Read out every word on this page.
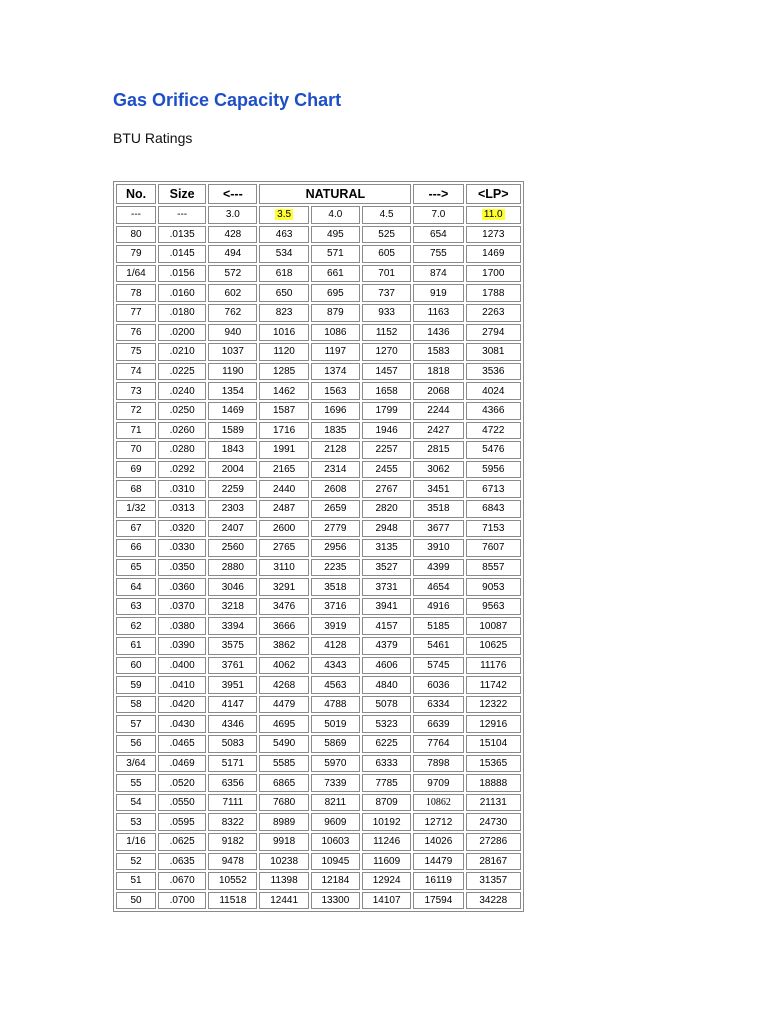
Gas Orifice Capacity Chart

BTU Ratings

No.	Size	<---	NATURAL			--->	<LP>
---	---	3.0	3.5	4.0	4.5	7.0	11.0
80	.0135	428	463	495	525	654	1273
79	.0145	494	534	571	605	755	1469
1/64	.0156	572	618	661	701	874	1700
78	.0160	602	650	695	737	919	1788
77	.0180	762	823	879	933	1163	2263
76	.0200	940	1016	1086	1152	1436	2794
75	.0210	1037	1120	1197	1270	1583	3081
74	.0225	1190	1285	1374	1457	1818	3536
73	.0240	1354	1462	1563	1658	2068	4024
72	.0250	1469	1587	1696	1799	2244	4366
71	.0260	1589	1716	1835	1946	2427	4722
70	.0280	1843	1991	2128	2257	2815	5476
69	.0292	2004	2165	2314	2455	3062	5956
68	.0310	2259	2440	2608	2767	3451	6713
1/32	.0313	2303	2487	2659	2820	3518	6843
67	.0320	2407	2600	2779	2948	3677	7153
66	.0330	2560	2765	2956	3135	3910	7607
65	.0350	2880	3110	2235	3527	4399	8557
64	.0360	3046	3291	3518	3731	4654	9053
63	.0370	3218	3476	3716	3941	4916	9563
62	.0380	3394	3666	3919	4157	5185	10087
61	.0390	3575	3862	4128	4379	5461	10625
60	.0400	3761	4062	4343	4606	5745	11176
59	.0410	3951	4268	4563	4840	6036	11742
58	.0420	4147	4479	4788	5078	6334	12322
57	.0430	4346	4695	5019	5323	6639	12916
56	.0465	5083	5490	5869	6225	7764	15104
3/64	.0469	5171	5585	5970	6333	7898	15365
55	.0520	6356	6865	7339	7785	9709	18888
54	.0550	7111	7680	8211	8709	10862	21131
53	.0595	8322	8989	9609	10192	12712	24730
1/16	.0625	9182	9918	10603	11246	14026	27286
52	.0635	9478	10238	10945	11609	14479	28167
51	.0670	10552	11398	12184	12924	16119	31357
50	.0700	11518	12441	13300	14107	17594	34228
